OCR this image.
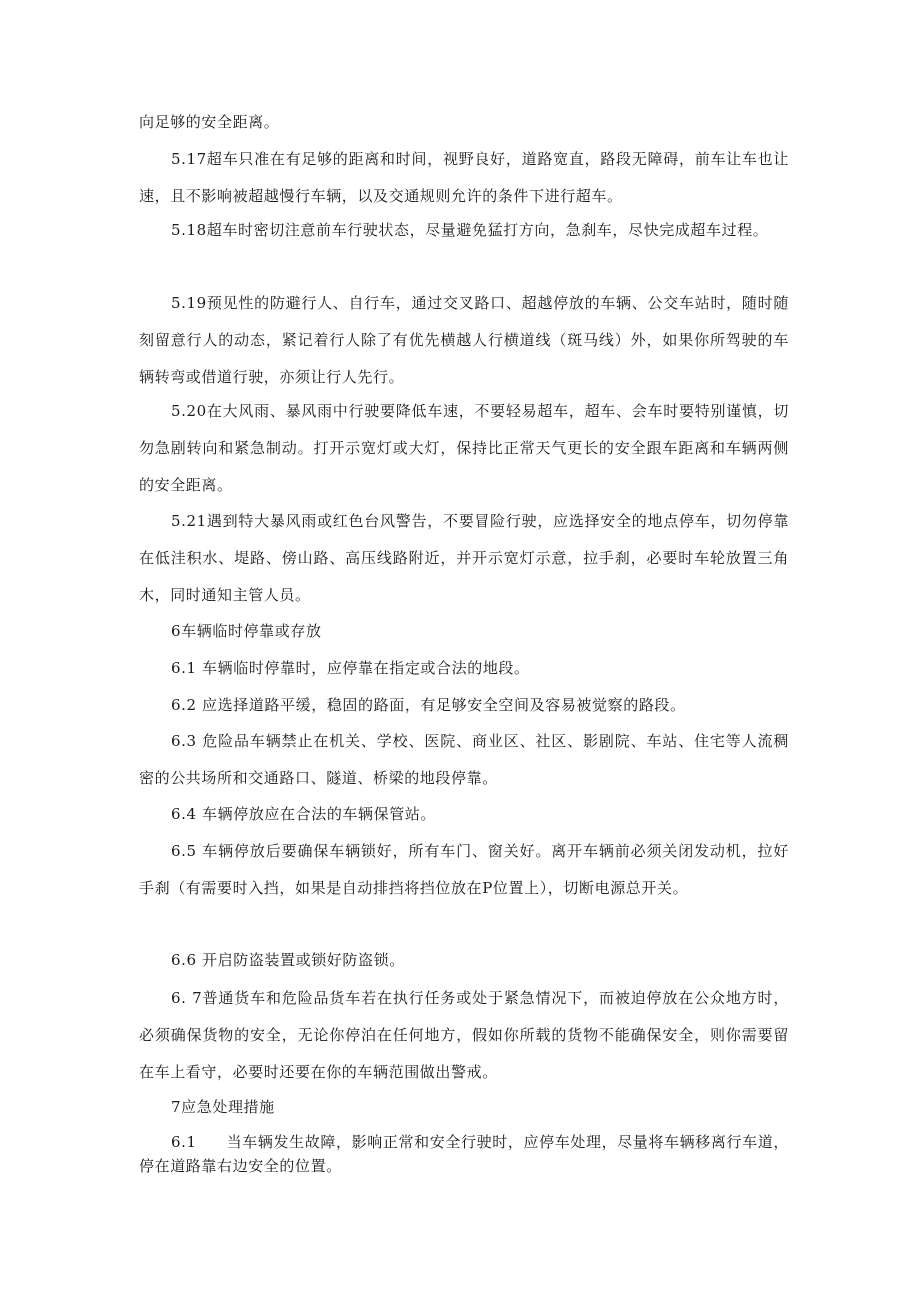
向足够的安全距离。

5.17超车只准在有足够的距离和时间，视野良好，道路宽直，路段无障碍，前车让车也让速，且不影响被超越慢行车辆，以及交通规则允许的条件下进行超车。

5.18超车时密切注意前车行驶状态，尽量避免猛打方向，急刹车，尽快完成超车过程。

5.19预见性的防避行人、自行车，通过交叉路口、超越停放的车辆、公交车站时，随时随刻留意行人的动态，紧记着行人除了有优先横越人行横道线（斑马线）外，如果你所驾驶的车辆转弯或借道行驶，亦须让行人先行。

5.20在大风雨、暴风雨中行驶要降低车速，不要轻易超车，超车、会车时要特别谨慎，切勿急剧转向和紧急制动。打开示宽灯或大灯，保持比正常天气更长的安全跟车距离和车辆两侧的安全距离。

5.21遇到特大暴风雨或红色台风警告，不要冒险行驶，应选择安全的地点停车，切勿停靠在低洼积水、堤路、傍山路、高压线路附近，并开示宽灯示意，拉手刹，必要时车轮放置三角木，同时通知主管人员。

6车辆临时停靠或存放

6.1 车辆临时停靠时，应停靠在指定或合法的地段。

6.2 应选择道路平缓，稳固的路面，有足够安全空间及容易被觉察的路段。

6.3 危险品车辆禁止在机关、学校、医院、商业区、社区、影剧院、车站、住宅等人流稠密的公共场所和交通路口、隧道、桥梁的地段停靠。

6.4 车辆停放应在合法的车辆保管站。

6.5 车辆停放后要确保车辆锁好，所有车门、窗关好。离开车辆前必须关闭发动机，拉好手刹（有需要时入挡，如果是自动排挡将挡位放在P位置上），切断电源总开关。

6.6 开启防盗装置或锁好防盗锁。

6. 7普通货车和危险品货车若在执行任务或处于紧急情况下，而被迫停放在公众地方时，必须确保货物的安全，无论你停泊在任何地方，假如你所载的货物不能确保安全，则你需要留在车上看守，必要时还要在你的车辆范围做出警戒。

7应急处理措施

6.1 当车辆发生故障，影响正常和安全行驶时，应停车处理，尽量将车辆移离行车道，停在道路靠右边安全的位置。
